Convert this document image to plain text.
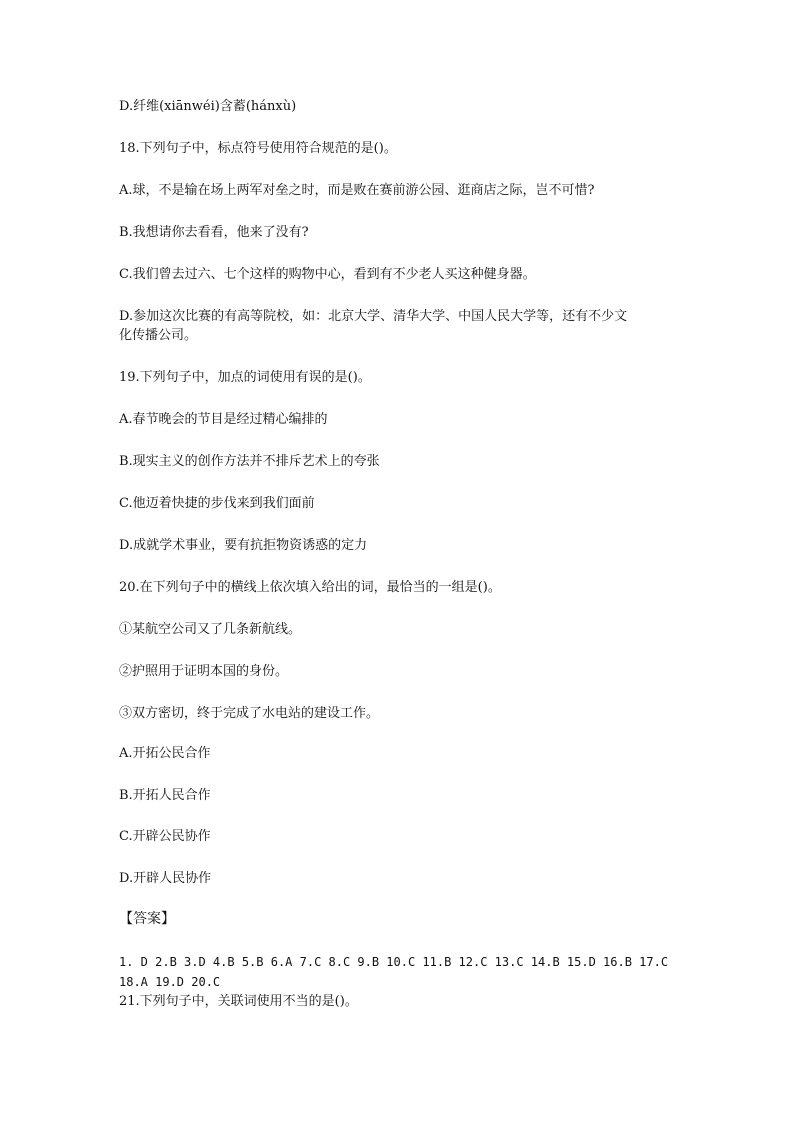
D.纤维(xiānwéi)含蓄(hánxù)
18.下列句子中，标点符号使用符合规范的是()。
A.球，不是输在场上两军对垒之时，而是败在赛前游公园、逛商店之际，岂不可惜?
B.我想请你去看看，他来了没有?
C.我们曾去过六、七个这样的购物中心，看到有不少老人买这种健身器。
D.参加这次比赛的有高等院校，如：北京大学、清华大学、中国人民大学等，还有不少文
化传播公司。
19.下列句子中，加点的词使用有误的是()。
A.春节晚会的节目是经过精心编排的
B.现实主义的创作方法并不排斥艺术上的夸张
C.他迈着快捷的步伐来到我们面前
D.成就学术事业，要有抗拒物资诱惑的定力
20.在下列句子中的横线上依次填入给出的词，最恰当的一组是()。
①某航空公司又了几条新航线。
②护照用于证明本国的身份。
③双方密切，终于完成了水电站的建设工作。
A.开拓公民合作
B.开拓人民合作
C.开辟公民协作
D.开辟人民协作
【答案】
1. D 2.B 3.D 4.B 5.B 6.A 7.C 8.C 9.B 10.C 11.B 12.C 13.C 14.B 15.D 16.B 17.C
18.A 19.D 20.C
21.下列句子中，关联词使用不当的是()。
